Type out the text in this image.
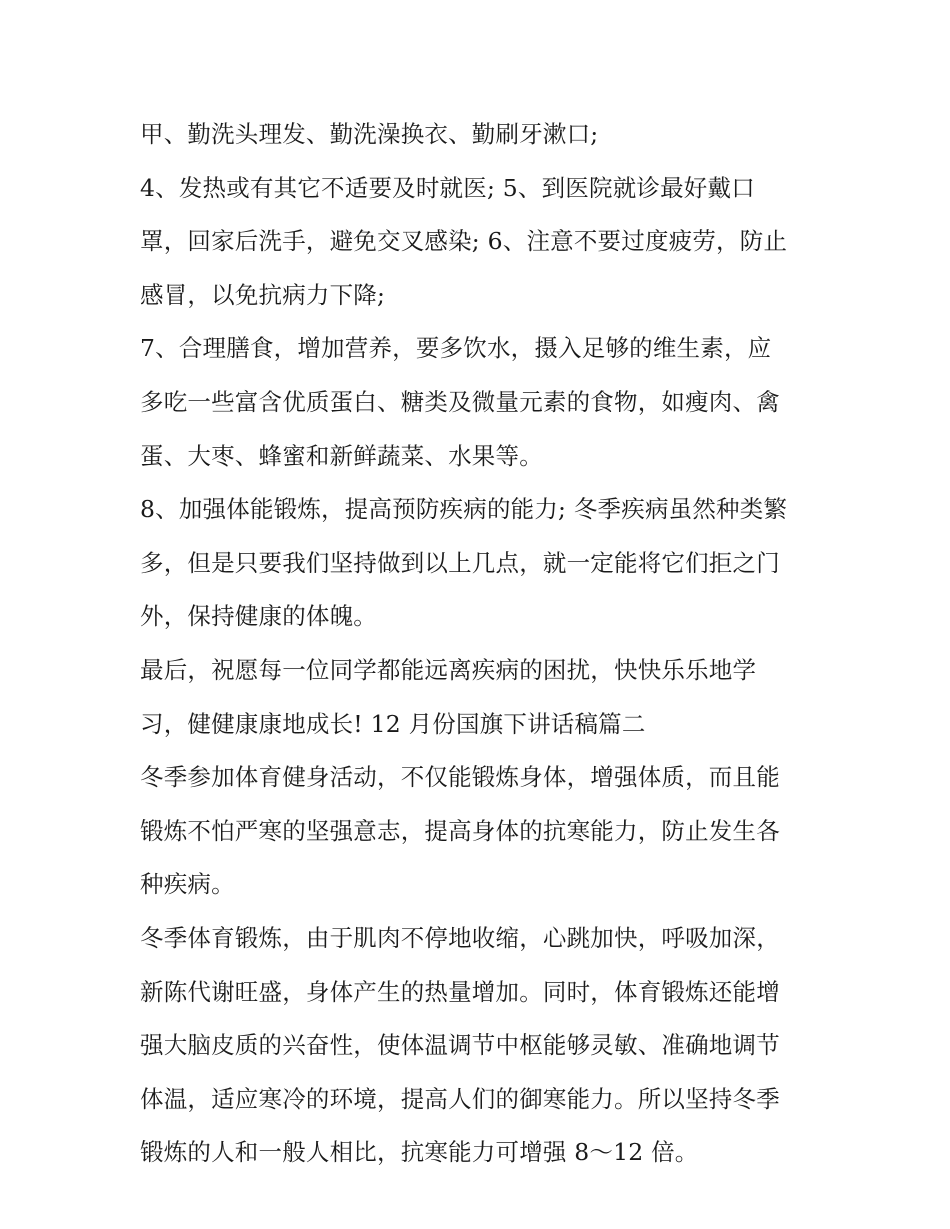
甲、勤洗头理发、勤洗澡换衣、勤刷牙漱口;
4、发热或有其它不适要及时就医; 5、到医院就诊最好戴口
罩，回家后洗手，避免交叉感染; 6、注意不要过度疲劳，防止
感冒，以免抗病力下降;
7、合理膳食，增加营养，要多饮水，摄入足够的维生素，应
多吃一些富含优质蛋白、糖类及微量元素的食物，如瘦肉、禽
蛋、大枣、蜂蜜和新鲜蔬菜、水果等。
8、加强体能锻炼，提高预防疾病的能力; 冬季疾病虽然种类繁
多，但是只要我们坚持做到以上几点，就一定能将它们拒之门
外，保持健康的体魄。
最后，祝愿每一位同学都能远离疾病的困扰，快快乐乐地学
习，健健康康地成长! 12 月份国旗下讲话稿篇二
冬季参加体育健身活动，不仅能锻炼身体，增强体质，而且能
锻炼不怕严寒的坚强意志，提高身体的抗寒能力，防止发生各
种疾病。
冬季体育锻炼，由于肌肉不停地收缩，心跳加快，呼吸加深，
新陈代谢旺盛，身体产生的热量增加。同时，体育锻炼还能增
强大脑皮质的兴奋性，使体温调节中枢能够灵敏、准确地调节
体温，适应寒冷的环境，提高人们的御寒能力。所以坚持冬季
锻炼的人和一般人相比，抗寒能力可增强 8～12 倍。
